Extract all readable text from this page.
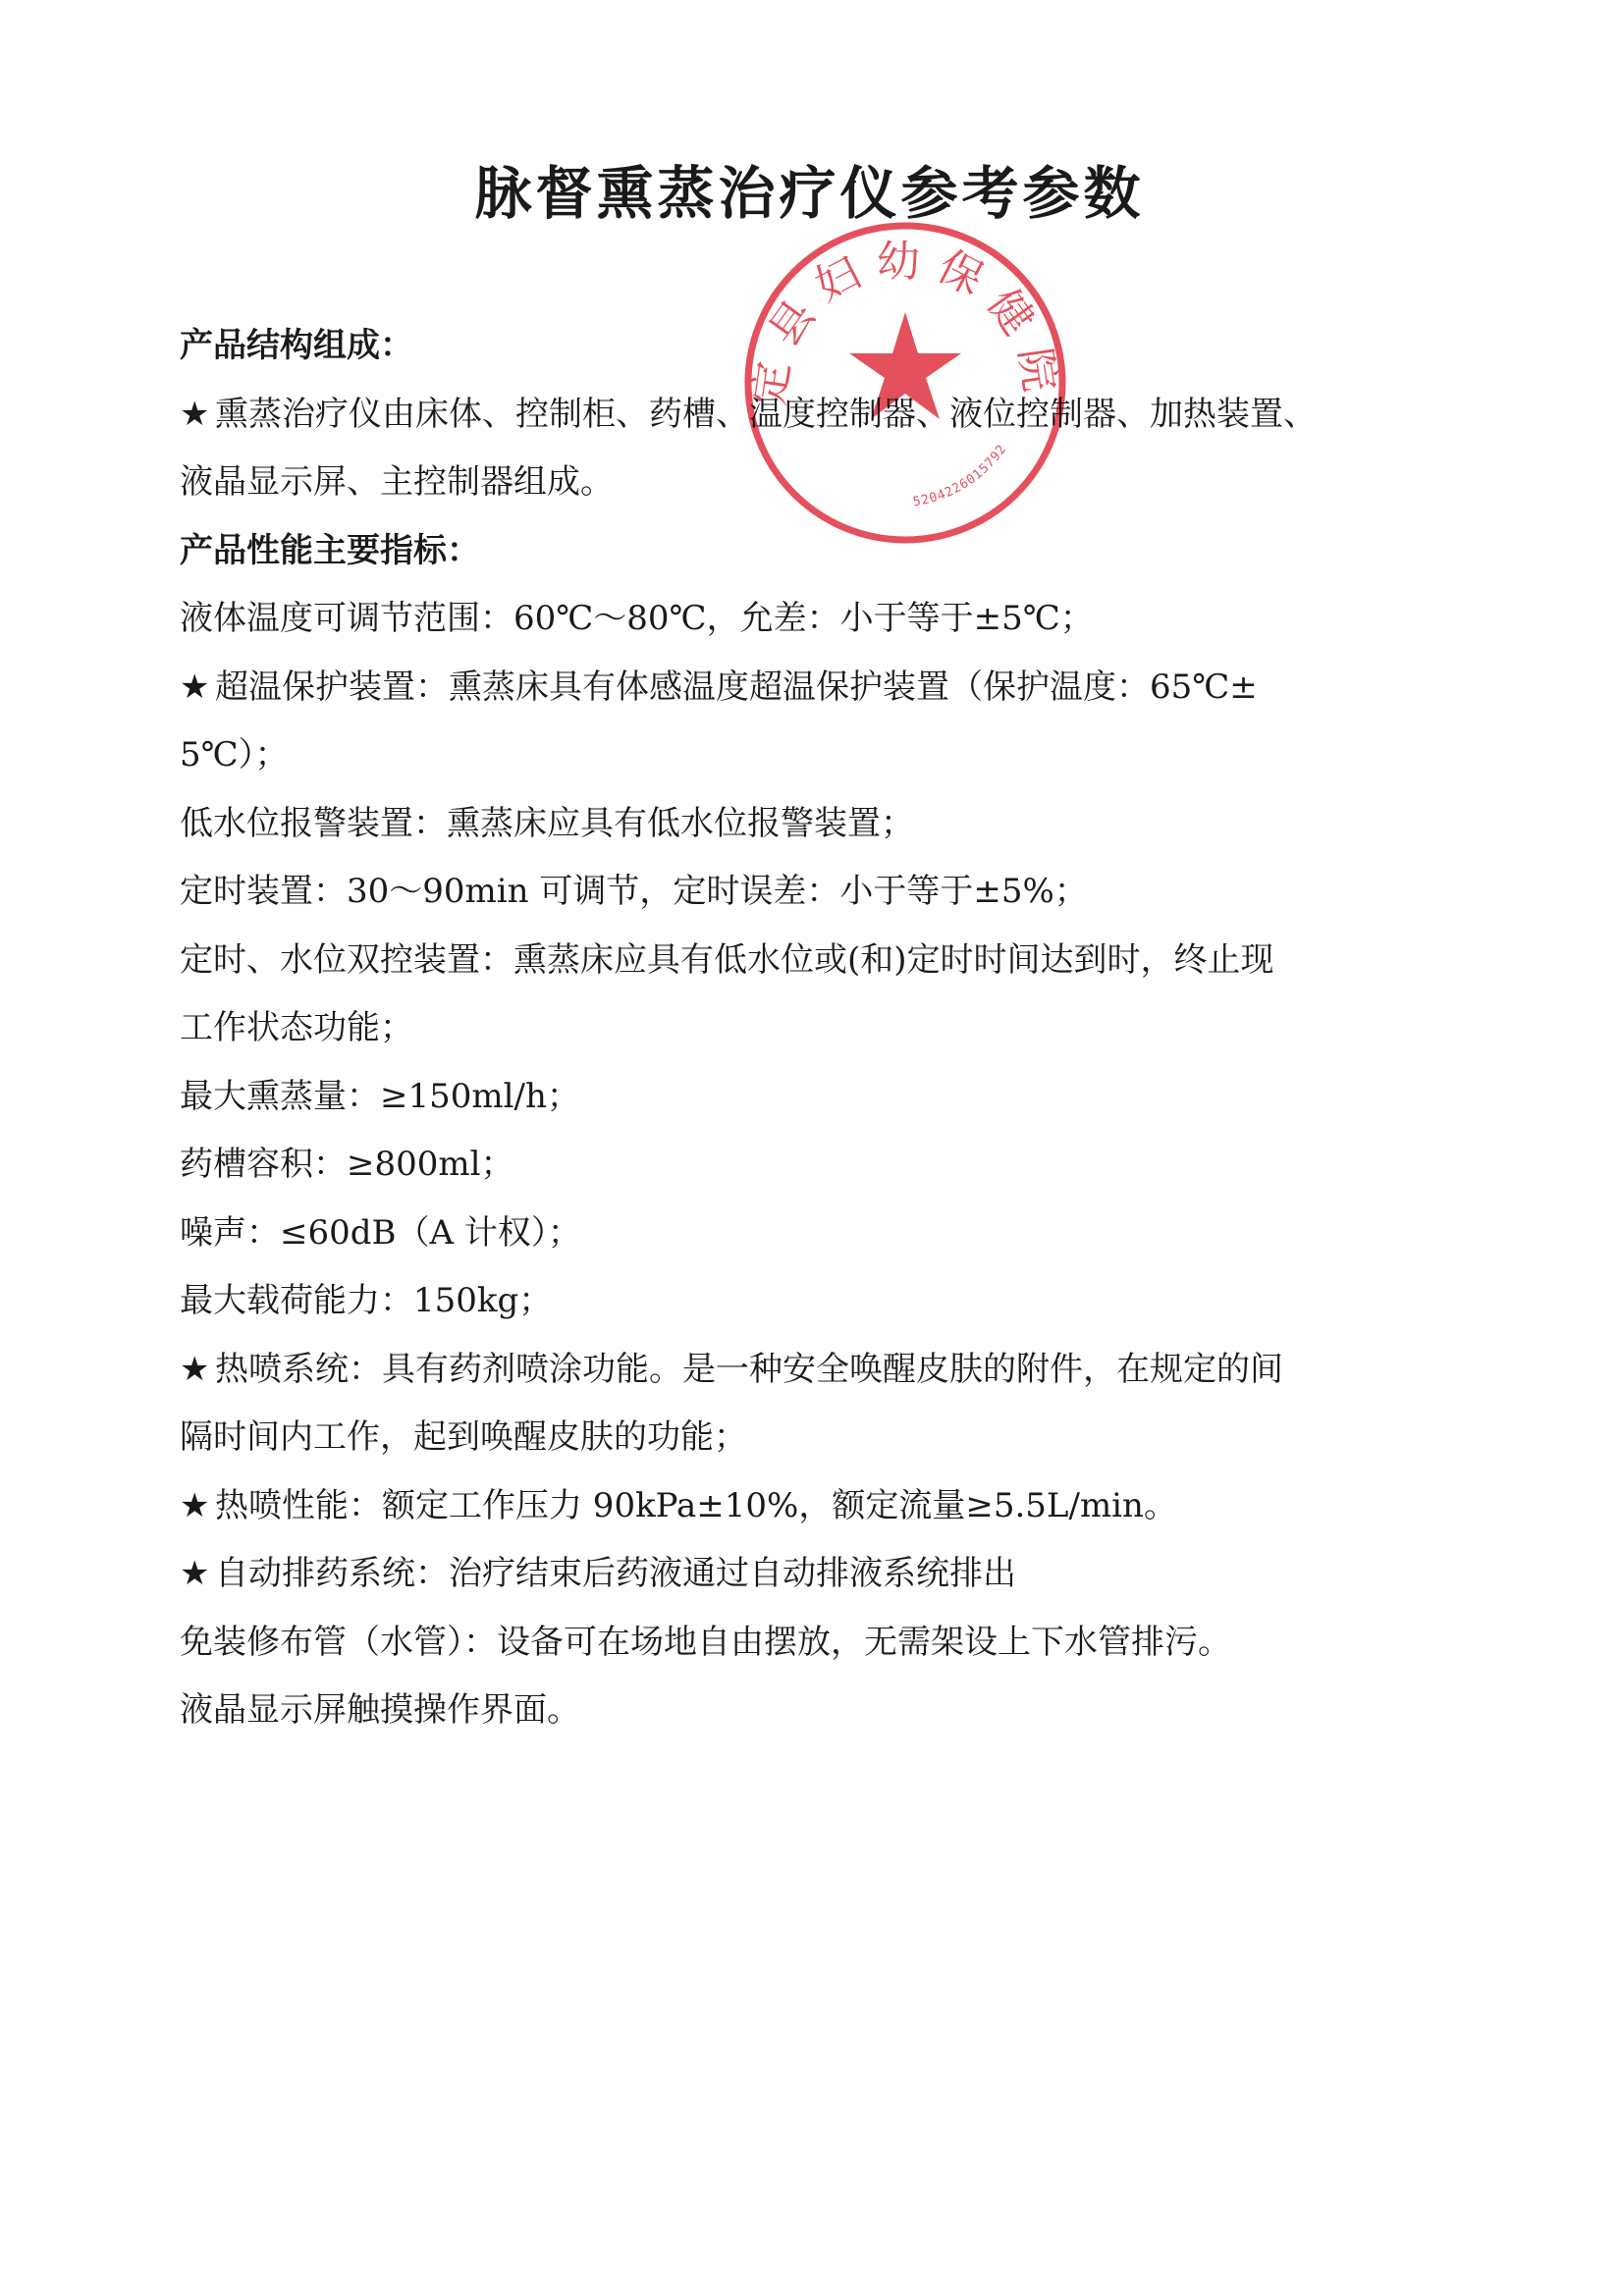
脉督熏蒸治疗仪参考参数
产品结构组成：
★ 熏蒸治疗仪由床体、控制柜、药槽、温度控制器、液位控制器、加热装置、
液晶显示屏、主控制器组成。
产品性能主要指标：
液体温度可调节范围：60℃～80℃，允差：小于等于±5℃；
★ 超温保护装置：熏蒸床具有体感温度超温保护装置（保护温度：65℃±
5℃）；
低水位报警装置：熏蒸床应具有低水位报警装置；
定时装置：30～90min 可调节，定时误差：小于等于±5%；
定时、水位双控装置：熏蒸床应具有低水位或(和)定时时间达到时，终止现
工作状态功能；
最大熏蒸量：≥150ml/h；
药槽容积：≥800ml；
噪声：≤60dB（A 计权）；
最大载荷能力：150kg；
★ 热喷系统：具有药剂喷涂功能。是一种安全唤醒皮肤的附件，在规定的间
隔时间内工作，起到唤醒皮肤的功能；
★ 热喷性能：额定工作压力 90kPa±10%，额定流量≥5.5L/min。
★ 自动排药系统：治疗结束后药液通过自动排液系统排出
免装修布管（水管）：设备可在场地自由摆放，无需架设上下水管排污。
液晶显示屏触摸操作界面。
定县妇幼保健院
5204226015792
